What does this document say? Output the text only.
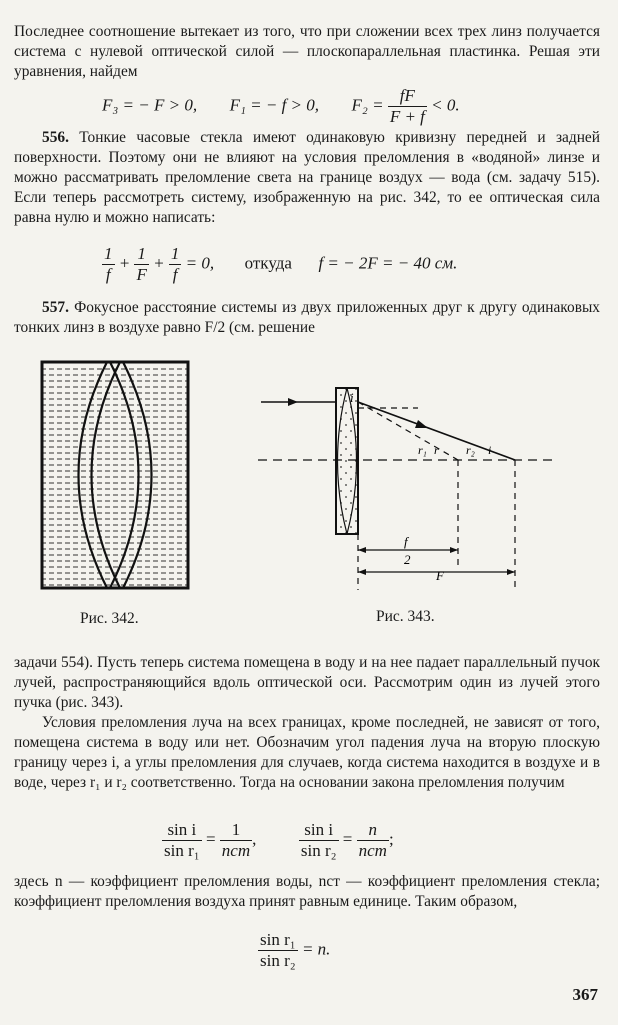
Последнее соотношение вытекает из того, что при сложении всех трех линз получается система с нулевой оптической силой — плоскопараллельная пластинка. Решая эти уравнения, найдем
F₃ = − F > 0, F₁ = − f > 0, $F_2 = \frac{fF}{F + f} < 0$.
556. Тонкие часовые стекла имеют одинаковую кривизну передней и задней поверхности. Поэтому они не влияют на условия преломления в «водяной» линзе и можно рассматривать преломление света на границе воздух — вода (см. задачу 515). Если теперь рассмотреть систему, изображенную на рис. 342, то ее оптическая сила равна нулю и можно написать:
$\frac{1}{f} + \frac{1}{F} + \frac{1}{f} = 0$, откуда f = − 2F = − 40 см.
557. Фокусное расстояние системы из двух приложенных друг к другу одинаковых тонких линз в воздухе равно F/2 (см. решение
Рис. 342.
i
r₁ r r₂ i
f
2
F
Рис. 343.
задачи 554). Пусть теперь система помещена в воду и на нее падает параллельный пучок лучей, распространяющийся вдоль оптической оси. Рассмотрим один из лучей этого пучка (рис. 343).
Условия преломления луча на всех границах, кроме последней, не зависят от того, помещена система в воду или нет. Обозначим угол падения луча на вторую плоскую границу через i, а углы преломления для случаев, когда система находится в воздухе и в воде, через r₁ и r₂ соответственно. Тогда на основании закона преломления получим
$\frac{\text{sin i}}{\text{sin r₁}} = \frac{1}{\text{nст}}$ ,	$\frac{\text{sin i}}{\text{sin r₂}} = \frac{n}{\text{nст}}$ ;
здесь n — коэффициент преломления воды, nст — коэффициент преломления стекла; коэффициент преломления воздуха принят равным единице. Таким образом,
$\frac{\text{sin r₁}}{\text{sin r₂}} = n$.
367
